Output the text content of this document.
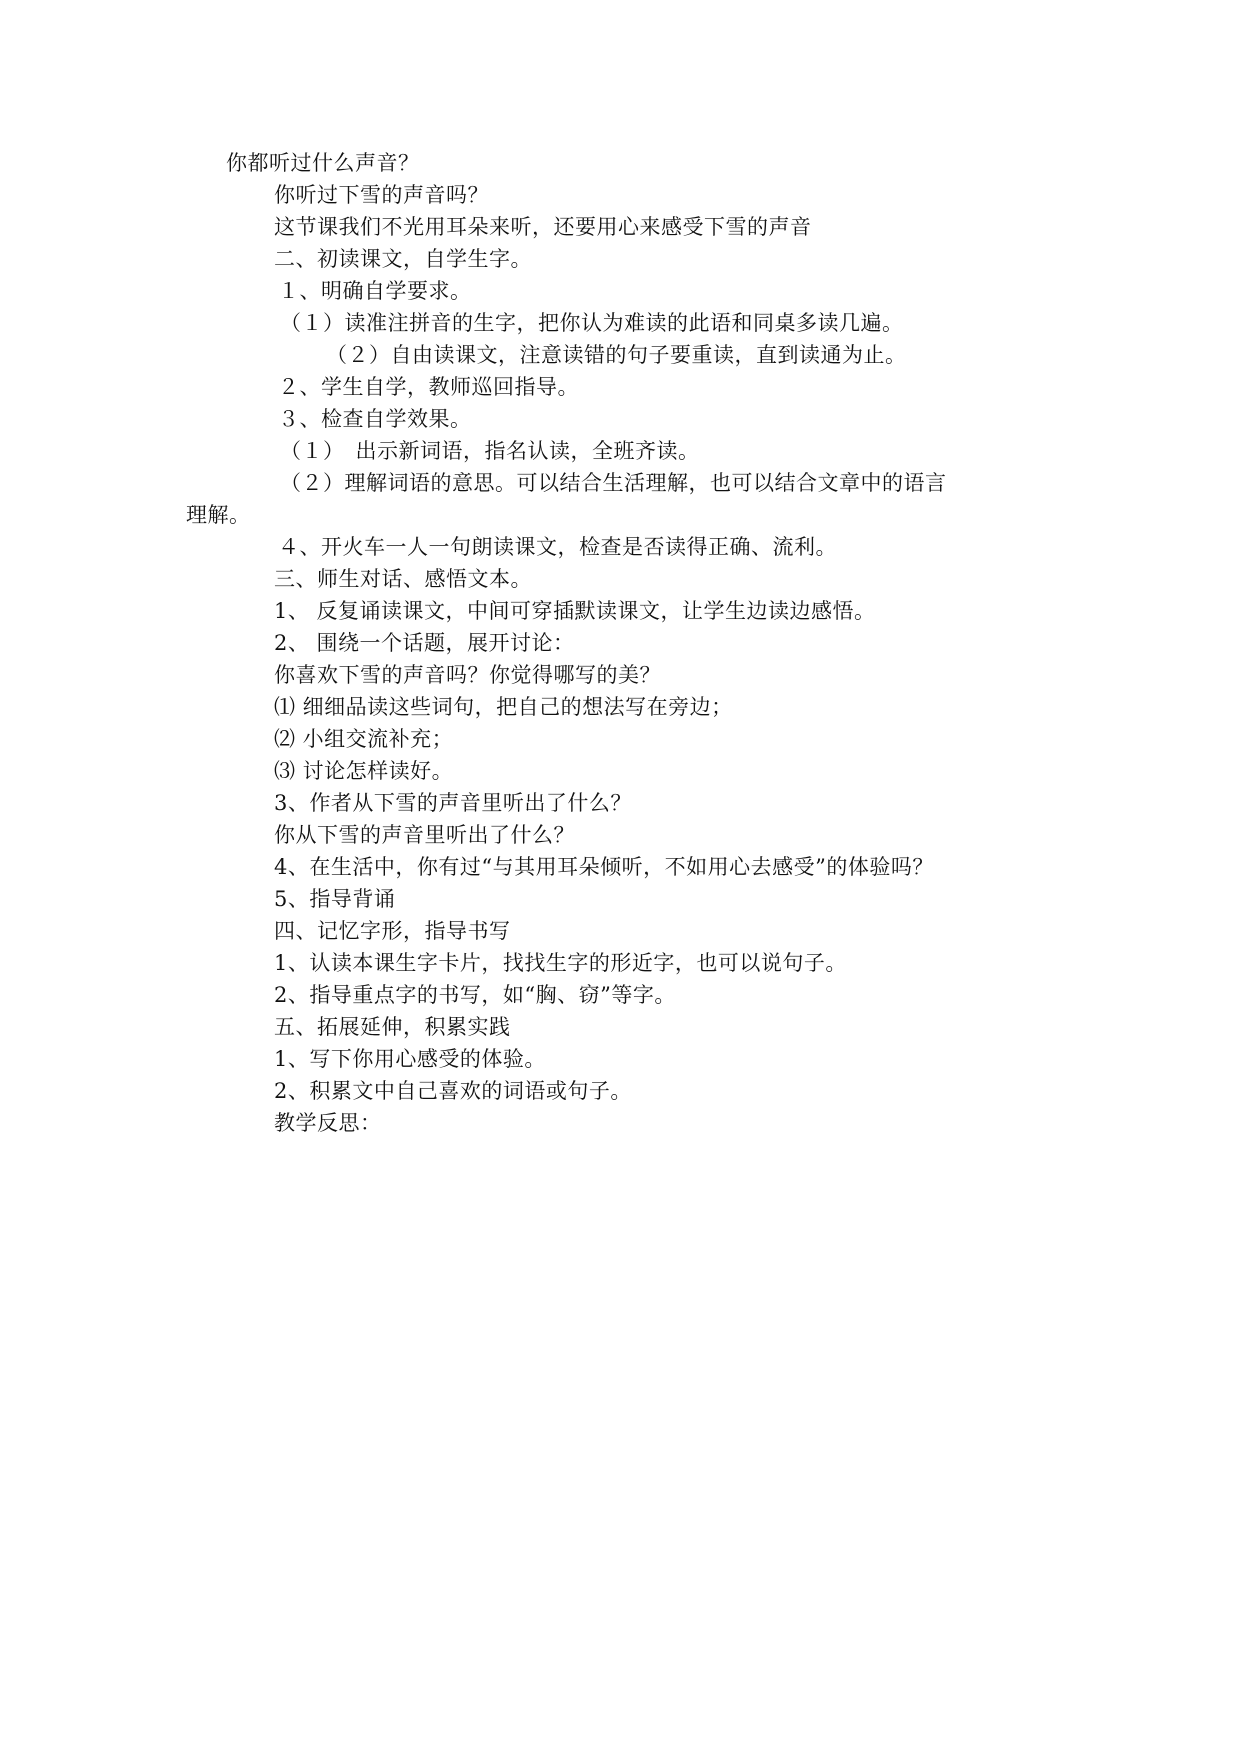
你都听过什么声音？
你听过下雪的声音吗？
这节课我们不光用耳朵来听，还要用心来感受下雪的声音
二、初读课文，自学生字。
１、明确自学要求。
（１）读准注拼音的生字，把你认为难读的此语和同桌多读几遍。
（２）自由读课文，注意读错的句子要重读，直到读通为止。
２、学生自学，教师巡回指导。
３、检查自学效果。
（１）　出示新词语，指名认读，全班齐读。
（２）理解词语的意思。可以结合生活理解，也可以结合文章中的语言
理解。
４、开火车一人一句朗读课文，检查是否读得正确、流利。
三、师生对话、感悟文本。
1、 反复诵读课文，中间可穿插默读课文，让学生边读边感悟。
2、 围绕一个话题，展开讨论：
你喜欢下雪的声音吗？你觉得哪写的美？
⑴ 细细品读这些词句，把自己的想法写在旁边；
⑵ 小组交流补充；
⑶ 讨论怎样读好。
3、作者从下雪的声音里听出了什么？
你从下雪的声音里听出了什么？
4、在生活中，你有过“与其用耳朵倾听，不如用心去感受”的体验吗？
5、指导背诵
四、记忆字形，指导书写
1、认读本课生字卡片，找找生字的形近字，也可以说句子。
2、指导重点字的书写，如“胸、窃”等字。
五、拓展延伸，积累实践
1、写下你用心感受的体验。
2、积累文中自己喜欢的词语或句子。
教学反思：
